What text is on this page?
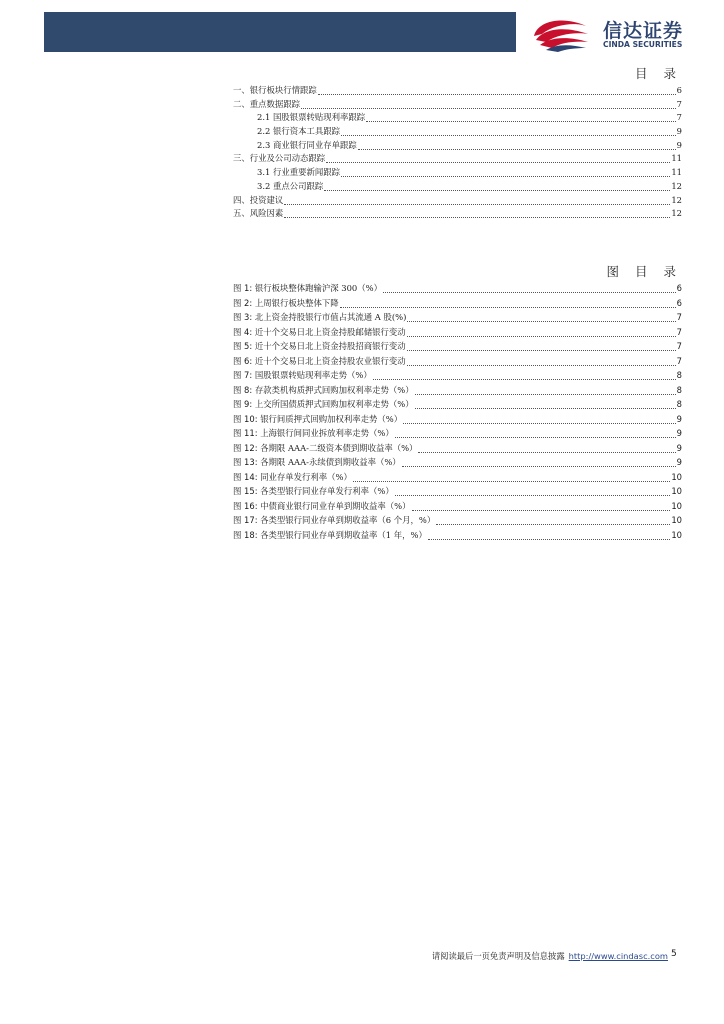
信达证券
CINDA SECURITIES
目 录
一、银行板块行情跟踪	6
二、重点数据跟踪	7
2.1 国股银票转贴现利率跟踪	7
2.2 银行资本工具跟踪	9
2.3 商业银行同业存单跟踪	9
三、行业及公司动态跟踪	11
3.1 行业重要新闻跟踪	11
3.2 重点公司跟踪	12
四、投资建议	12
五、风险因素	12
图 目 录
图 1: 银行板块整体跑输沪深 300（%）	6
图 2: 上周银行板块整体下降	6
图 3: 北上资金持股银行市值占其流通 A 股(%)	7
图 4: 近十个交易日北上资金持股邮储银行变动	7
图 5: 近十个交易日北上资金持股招商银行变动	7
图 6: 近十个交易日北上资金持股农业银行变动	7
图 7: 国股银票转贴现利率走势（%）	8
图 8: 存款类机构质押式回购加权利率走势（%）	8
图 9: 上交所国债质押式回购加权利率走势（%）	8
图 10: 银行间质押式回购加权利率走势（%）	9
图 11: 上海银行间同业拆放利率走势（%）	9
图 12: 各期限 AAA-二级资本债到期收益率（%）	9
图 13: 各期限 AAA-永续债到期收益率（%）	9
图 14: 同业存单发行利率（%）	10
图 15: 各类型银行同业存单发行利率（%）	10
图 16: 中债商业银行同业存单到期收益率（%）	10
图 17: 各类型银行同业存单到期收益率（6 个月，%）	10
图 18: 各类型银行同业存单到期收益率（1 年，%）	10
请阅读最后一页免责声明及信息披露 http://www.cindasc.com 5
